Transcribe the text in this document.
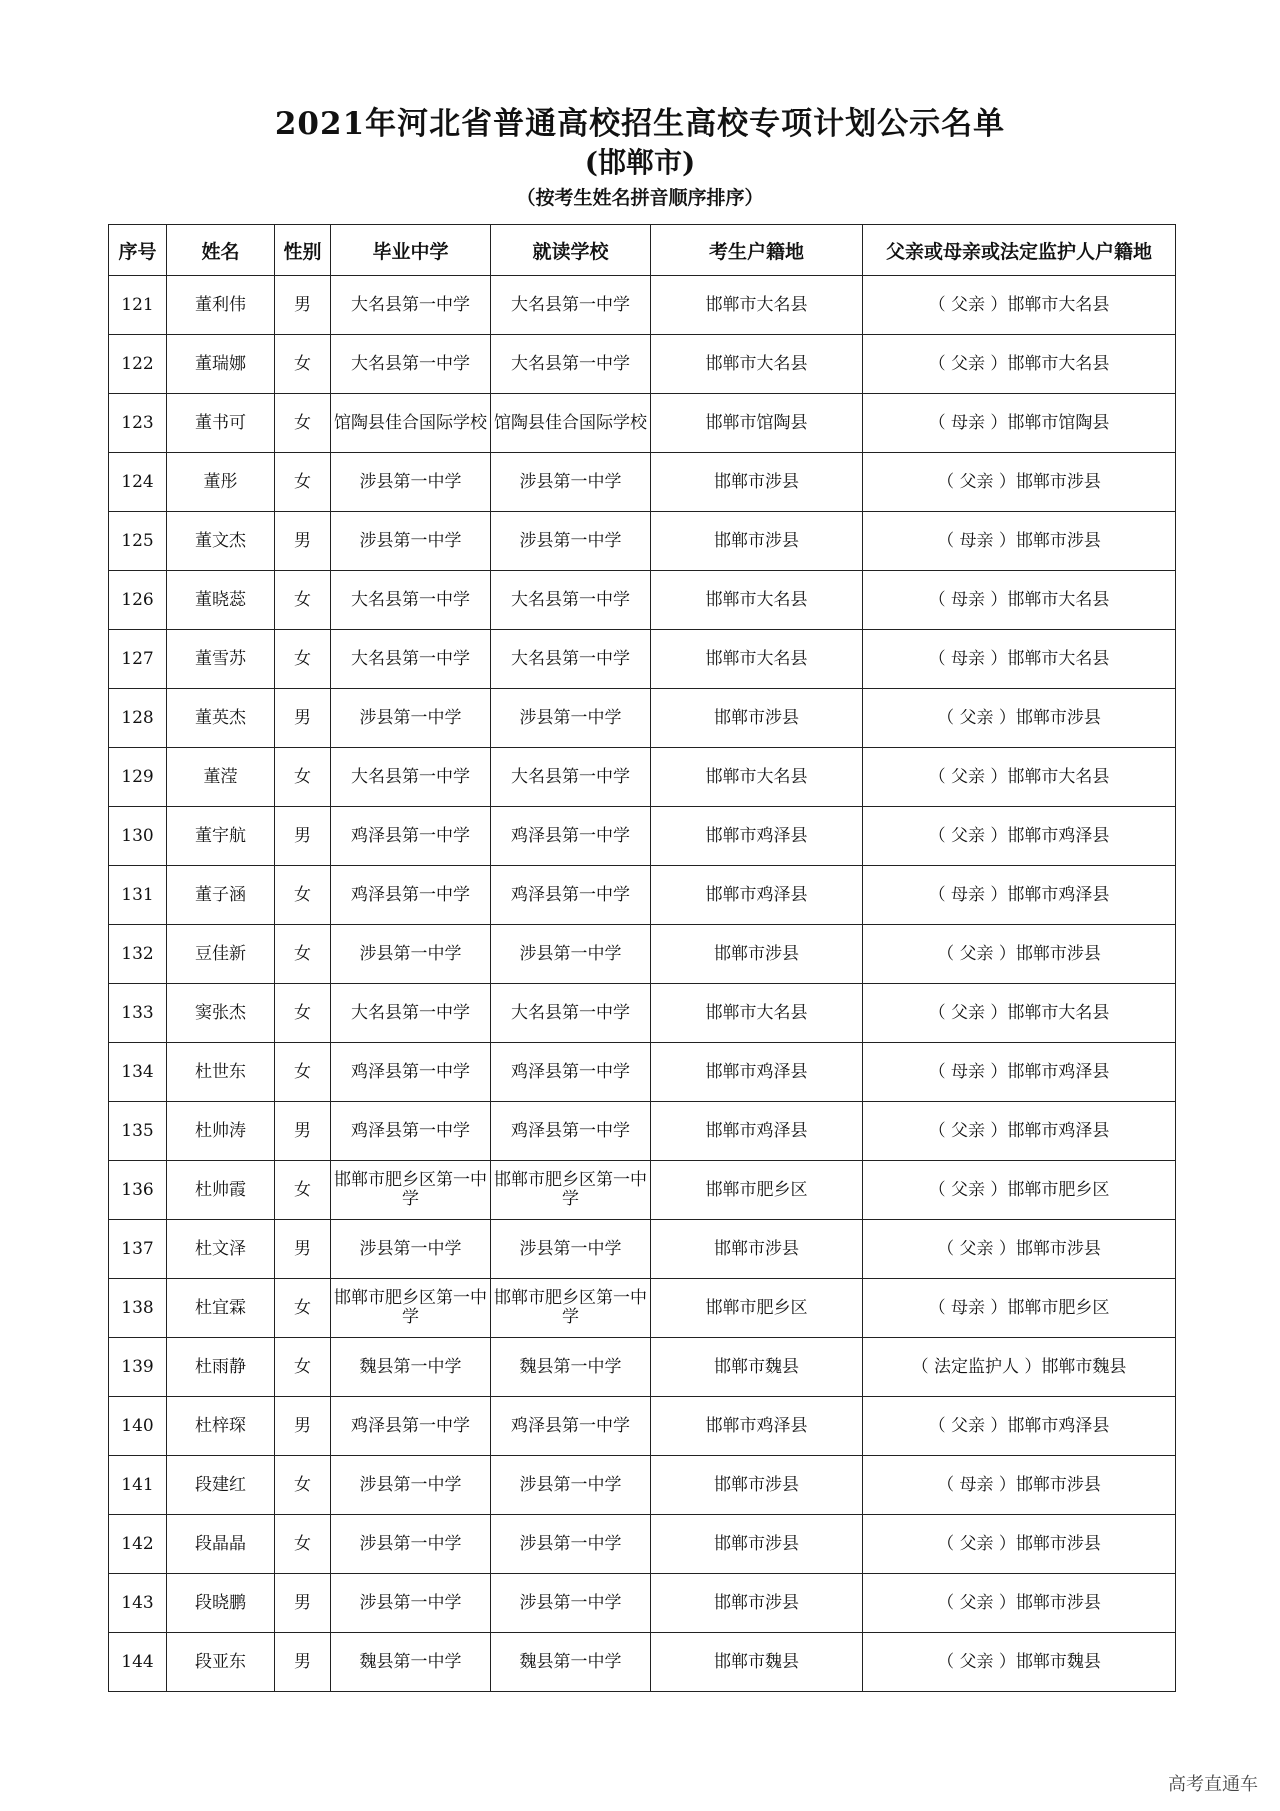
2021年河北省普通高校招生高校专项计划公示名单
(邯郸市)
（按考生姓名拼音顺序排序）
序号	姓名	性别	毕业中学	就读学校	考生户籍地	父亲或母亲或法定监护人户籍地
121	董利伟	男	大名县第一中学	大名县第一中学	邯郸市大名县	（ 父亲 ）邯郸市大名县
122	董瑞娜	女	大名县第一中学	大名县第一中学	邯郸市大名县	（ 父亲 ）邯郸市大名县
123	董书可	女	馆陶县佳合国际学校	馆陶县佳合国际学校	邯郸市馆陶县	（ 母亲 ）邯郸市馆陶县
124	董彤	女	涉县第一中学	涉县第一中学	邯郸市涉县	（ 父亲 ）邯郸市涉县
125	董文杰	男	涉县第一中学	涉县第一中学	邯郸市涉县	（ 母亲 ）邯郸市涉县
126	董晓蕊	女	大名县第一中学	大名县第一中学	邯郸市大名县	（ 母亲 ）邯郸市大名县
127	董雪苏	女	大名县第一中学	大名县第一中学	邯郸市大名县	（ 母亲 ）邯郸市大名县
128	董英杰	男	涉县第一中学	涉县第一中学	邯郸市涉县	（ 父亲 ）邯郸市涉县
129	董滢	女	大名县第一中学	大名县第一中学	邯郸市大名县	（ 父亲 ）邯郸市大名县
130	董宇航	男	鸡泽县第一中学	鸡泽县第一中学	邯郸市鸡泽县	（ 父亲 ）邯郸市鸡泽县
131	董子涵	女	鸡泽县第一中学	鸡泽县第一中学	邯郸市鸡泽县	（ 母亲 ）邯郸市鸡泽县
132	豆佳新	女	涉县第一中学	涉县第一中学	邯郸市涉县	（ 父亲 ）邯郸市涉县
133	窦张杰	女	大名县第一中学	大名县第一中学	邯郸市大名县	（ 父亲 ）邯郸市大名县
134	杜世东	女	鸡泽县第一中学	鸡泽县第一中学	邯郸市鸡泽县	（ 母亲 ）邯郸市鸡泽县
135	杜帅涛	男	鸡泽县第一中学	鸡泽县第一中学	邯郸市鸡泽县	（ 父亲 ）邯郸市鸡泽县
136	杜帅霞	女	邯郸市肥乡区第一中学	邯郸市肥乡区第一中学	邯郸市肥乡区	（ 父亲 ）邯郸市肥乡区
137	杜文泽	男	涉县第一中学	涉县第一中学	邯郸市涉县	（ 父亲 ）邯郸市涉县
138	杜宜霖	女	邯郸市肥乡区第一中学	邯郸市肥乡区第一中学	邯郸市肥乡区	（ 母亲 ）邯郸市肥乡区
139	杜雨静	女	魏县第一中学	魏县第一中学	邯郸市魏县	（ 法定监护人 ）邯郸市魏县
140	杜梓琛	男	鸡泽县第一中学	鸡泽县第一中学	邯郸市鸡泽县	（ 父亲 ）邯郸市鸡泽县
141	段建红	女	涉县第一中学	涉县第一中学	邯郸市涉县	（ 母亲 ）邯郸市涉县
142	段晶晶	女	涉县第一中学	涉县第一中学	邯郸市涉县	（ 父亲 ）邯郸市涉县
143	段晓鹏	男	涉县第一中学	涉县第一中学	邯郸市涉县	（ 父亲 ）邯郸市涉县
144	段亚东	男	魏县第一中学	魏县第一中学	邯郸市魏县	（ 父亲 ）邯郸市魏县
高考直通车
